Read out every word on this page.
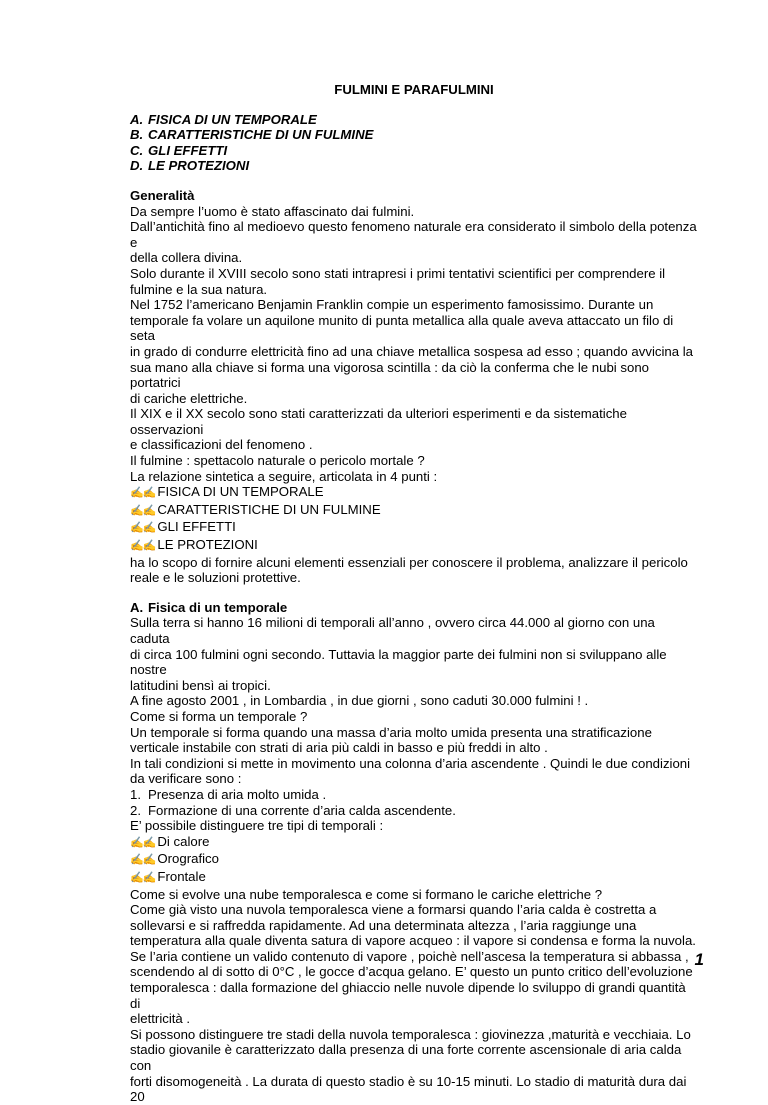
FULMINI E PARAFULMINI
A. FISICA DI UN TEMPORALE
B. CARATTERISTICHE DI UN FULMINE
C. GLI EFFETTI
D. LE PROTEZIONI
Generalità
Da sempre l’uomo è stato affascinato dai fulmini.
Dall’antichità fino al medioevo questo fenomeno naturale era considerato il simbolo della potenza e
della collera divina.
Solo durante il XVIII secolo sono stati intrapresi i primi tentativi scientifici per comprendere il
fulmine e la sua natura.
Nel 1752 l’americano Benjamin Franklin compie un esperimento famosissimo. Durante un
temporale fa volare un aquilone munito di punta metallica alla quale aveva attaccato un filo di seta
in grado di condurre elettricità fino ad una chiave metallica sospesa ad esso ; quando avvicina la
sua mano alla chiave si forma una vigorosa scintilla : da ciò la conferma che le nubi sono portatrici
di cariche elettriche.
Il XIX e il XX secolo sono stati caratterizzati da ulteriori esperimenti e da sistematiche osservazioni
e classificazioni del fenomeno .
Il fulmine : spettacolo naturale o pericolo mortale ?
La relazione sintetica a seguire, articolata in 4 punti :
✍✍ FISICA DI UN TEMPORALE
✍✍ CARATTERISTICHE DI UN FULMINE
✍✍ GLI EFFETTI
✍✍ LE PROTEZIONI
ha lo scopo di fornire alcuni elementi essenziali per conoscere il problema, analizzare il pericolo
reale e le soluzioni protettive.
A. Fisica di un temporale
Sulla terra si hanno 16 milioni di temporali all’anno , ovvero circa 44.000 al giorno con una caduta
di circa 100 fulmini ogni secondo. Tuttavia la maggior parte dei fulmini non si sviluppano alle nostre
latitudini bensì ai tropici.
A fine agosto 2001 , in Lombardia , in due giorni , sono caduti 30.000 fulmini ! .
Come si forma un temporale ?
Un temporale si forma quando una massa d’aria molto umida presenta una stratificazione
verticale instabile con strati di aria più caldi in basso e più freddi in alto .
In tali condizioni si mette in movimento una colonna d’aria ascendente . Quindi le due condizioni
da verificare sono :
1. Presenza di aria molto umida .
2. Formazione di una corrente d’aria calda ascendente.
E’ possibile distinguere tre tipi di temporali :
✍✍ Di calore
✍✍ Orografico
✍✍ Frontale
Come si evolve una nube temporalesca e come si formano le cariche elettriche ?
Come già visto una nuvola temporalesca viene a formarsi quando l’aria calda è costretta a
sollevarsi e si raffredda rapidamente. Ad una determinata altezza , l’aria raggiunge una
temperatura alla quale diventa satura di vapore acqueo : il vapore si condensa e forma la nuvola.
Se l’aria contiene un valido contenuto di vapore , poichè nell’ascesa la temperatura si abbassa ,
scendendo al di sotto di 0°C , le gocce d’acqua gelano. E’ questo un punto critico dell’evoluzione
temporalesca : dalla formazione del ghiaccio nelle nuvole dipende lo sviluppo di grandi quantità di
elettricità .
Si possono distinguere tre stadi della nuvola temporalesca : giovinezza ,maturità e vecchiaia. Lo
stadio giovanile è caratterizzato dalla presenza di una forte corrente ascensionale di aria calda con
forti disomogeneità . La durata di questo stadio è su 10-15 minuti. Lo stadio di maturità dura dai 20
1
